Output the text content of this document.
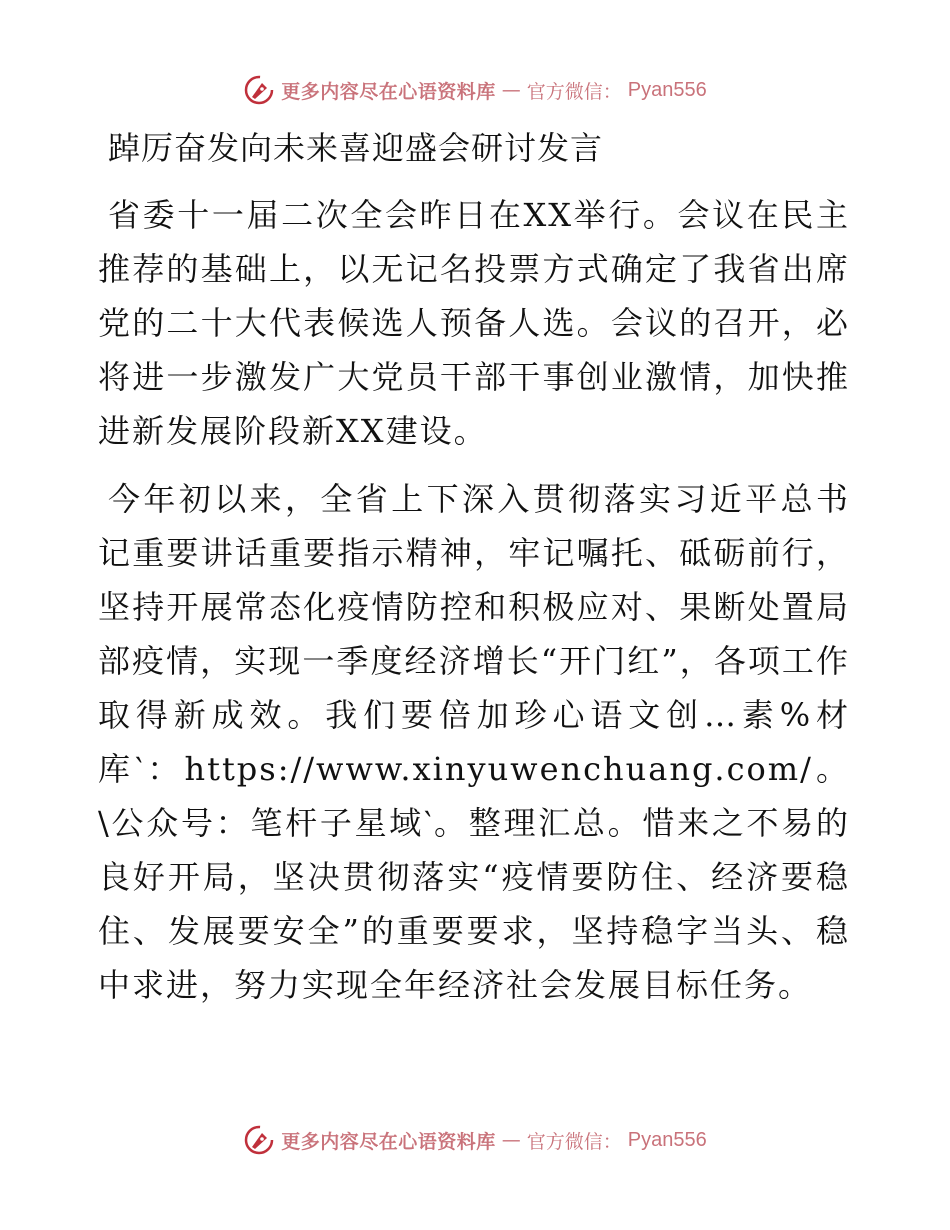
更多内容尽在心语资料库 — 官方微信： Pyan556
踔厉奋发向未来喜迎盛会研讨发言

省委十一届二次全会昨日在XX举行。会议在民主推荐的基础上，以无记名投票方式确定了我省出席党的二十大代表候选人预备人选。会议的召开，必将进一步激发广大党员干部干事创业激情，加快推进新发展阶段新XX建设。

今年初以来，全省上下深入贯彻落实习近平总书记重要讲话重要指示精神，牢记嘱托、砥砺前行，坚持开展常态化疫情防控和积极应对、果断处置局部疫情，实现一季度经济增长“开门红”，各项工作取得新成效。我们要倍加珍心语文创…素%材库‵：https://www.xinyuwenchuang.com/。\公众号：笔杆子星域‵。整理汇总。惜来之不易的良好开局，坚决贯彻落实“疫情要防住、经济要稳住、发展要安全”的重要要求，坚持稳字当头、稳中求进，努力实现全年经济社会发展目标任务。

更多内容尽在心语资料库 — 官方微信： Pyan556
